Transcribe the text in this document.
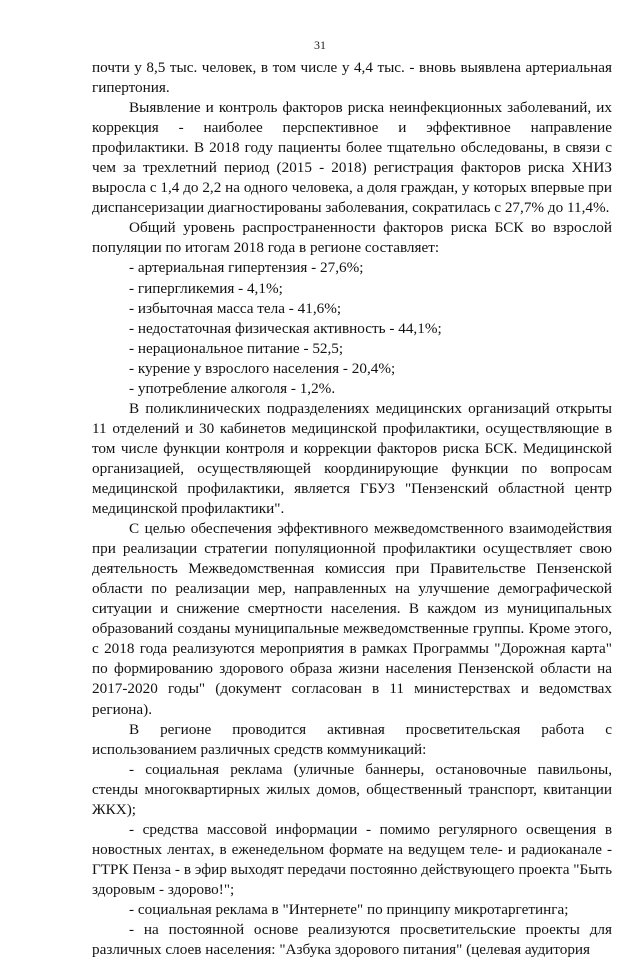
31

почти у 8,5 тыс. человек, в том числе у 4,4 тыс. - вновь выявлена артериальная гипертония.

Выявление и контроль факторов риска неинфекционных заболеваний, их коррекция - наиболее перспективное и эффективное направление профилактики. В 2018 году пациенты более тщательно обследованы, в связи с чем за трехлетний период (2015 - 2018) регистрация факторов риска ХНИЗ выросла с 1,4 до 2,2 на одного человека, а доля граждан, у которых впервые при диспансеризации диагностированы заболевания, сократилась с 27,7% до 11,4%.

Общий уровень распространенности факторов риска БСК во взрослой популяции по итогам 2018 года в регионе составляет:

- артериальная гипертензия - 27,6%;

- гипергликемия - 4,1%;

- избыточная масса тела - 41,6%;

- недостаточная физическая активность - 44,1%;

- нерациональное питание - 52,5;

- курение у взрослого населения - 20,4%;

- употребление алкоголя - 1,2%.

В поликлинических подразделениях медицинских организаций открыты 11 отделений и 30 кабинетов медицинской профилактики, осуществляющие в том числе функции контроля и коррекции факторов риска БСК. Медицинской организацией, осуществляющей координирующие функции по вопросам медицинской профилактики, является ГБУЗ "Пензенский областной центр медицинской профилактики".

С целью обеспечения эффективного межведомственного взаимодействия при реализации стратегии популяционной профилактики осуществляет свою деятельность Межведомственная комиссия при Правительстве Пензенской области по реализации мер, направленных на улучшение демографической ситуации и снижение смертности населения. В каждом из муниципальных образований созданы муниципальные межведомственные группы. Кроме этого, с 2018 года реализуются мероприятия в рамках Программы "Дорожная карта" по формированию здорового образа жизни населения Пензенской области на 2017-2020 годы" (документ согласован в 11 министерствах и ведомствах региона).

В регионе проводится активная просветительская работа с использованием различных средств коммуникаций:

- социальная реклама (уличные баннеры, остановочные павильоны, стенды многоквартирных жилых домов, общественный транспорт, квитанции ЖКХ);

- средства массовой информации - помимо регулярного освещения в новостных лентах, в еженедельном формате на ведущем теле- и радиоканале - ГТРК Пенза - в эфир выходят передачи постоянно действующего проекта "Быть здоровым - здорово!";

- социальная реклама в "Интернете" по принципу микротаргетинга;

- на постоянной основе реализуются просветительские проекты для различных слоев населения: "Азбука здорового питания" (целевая аудитория
